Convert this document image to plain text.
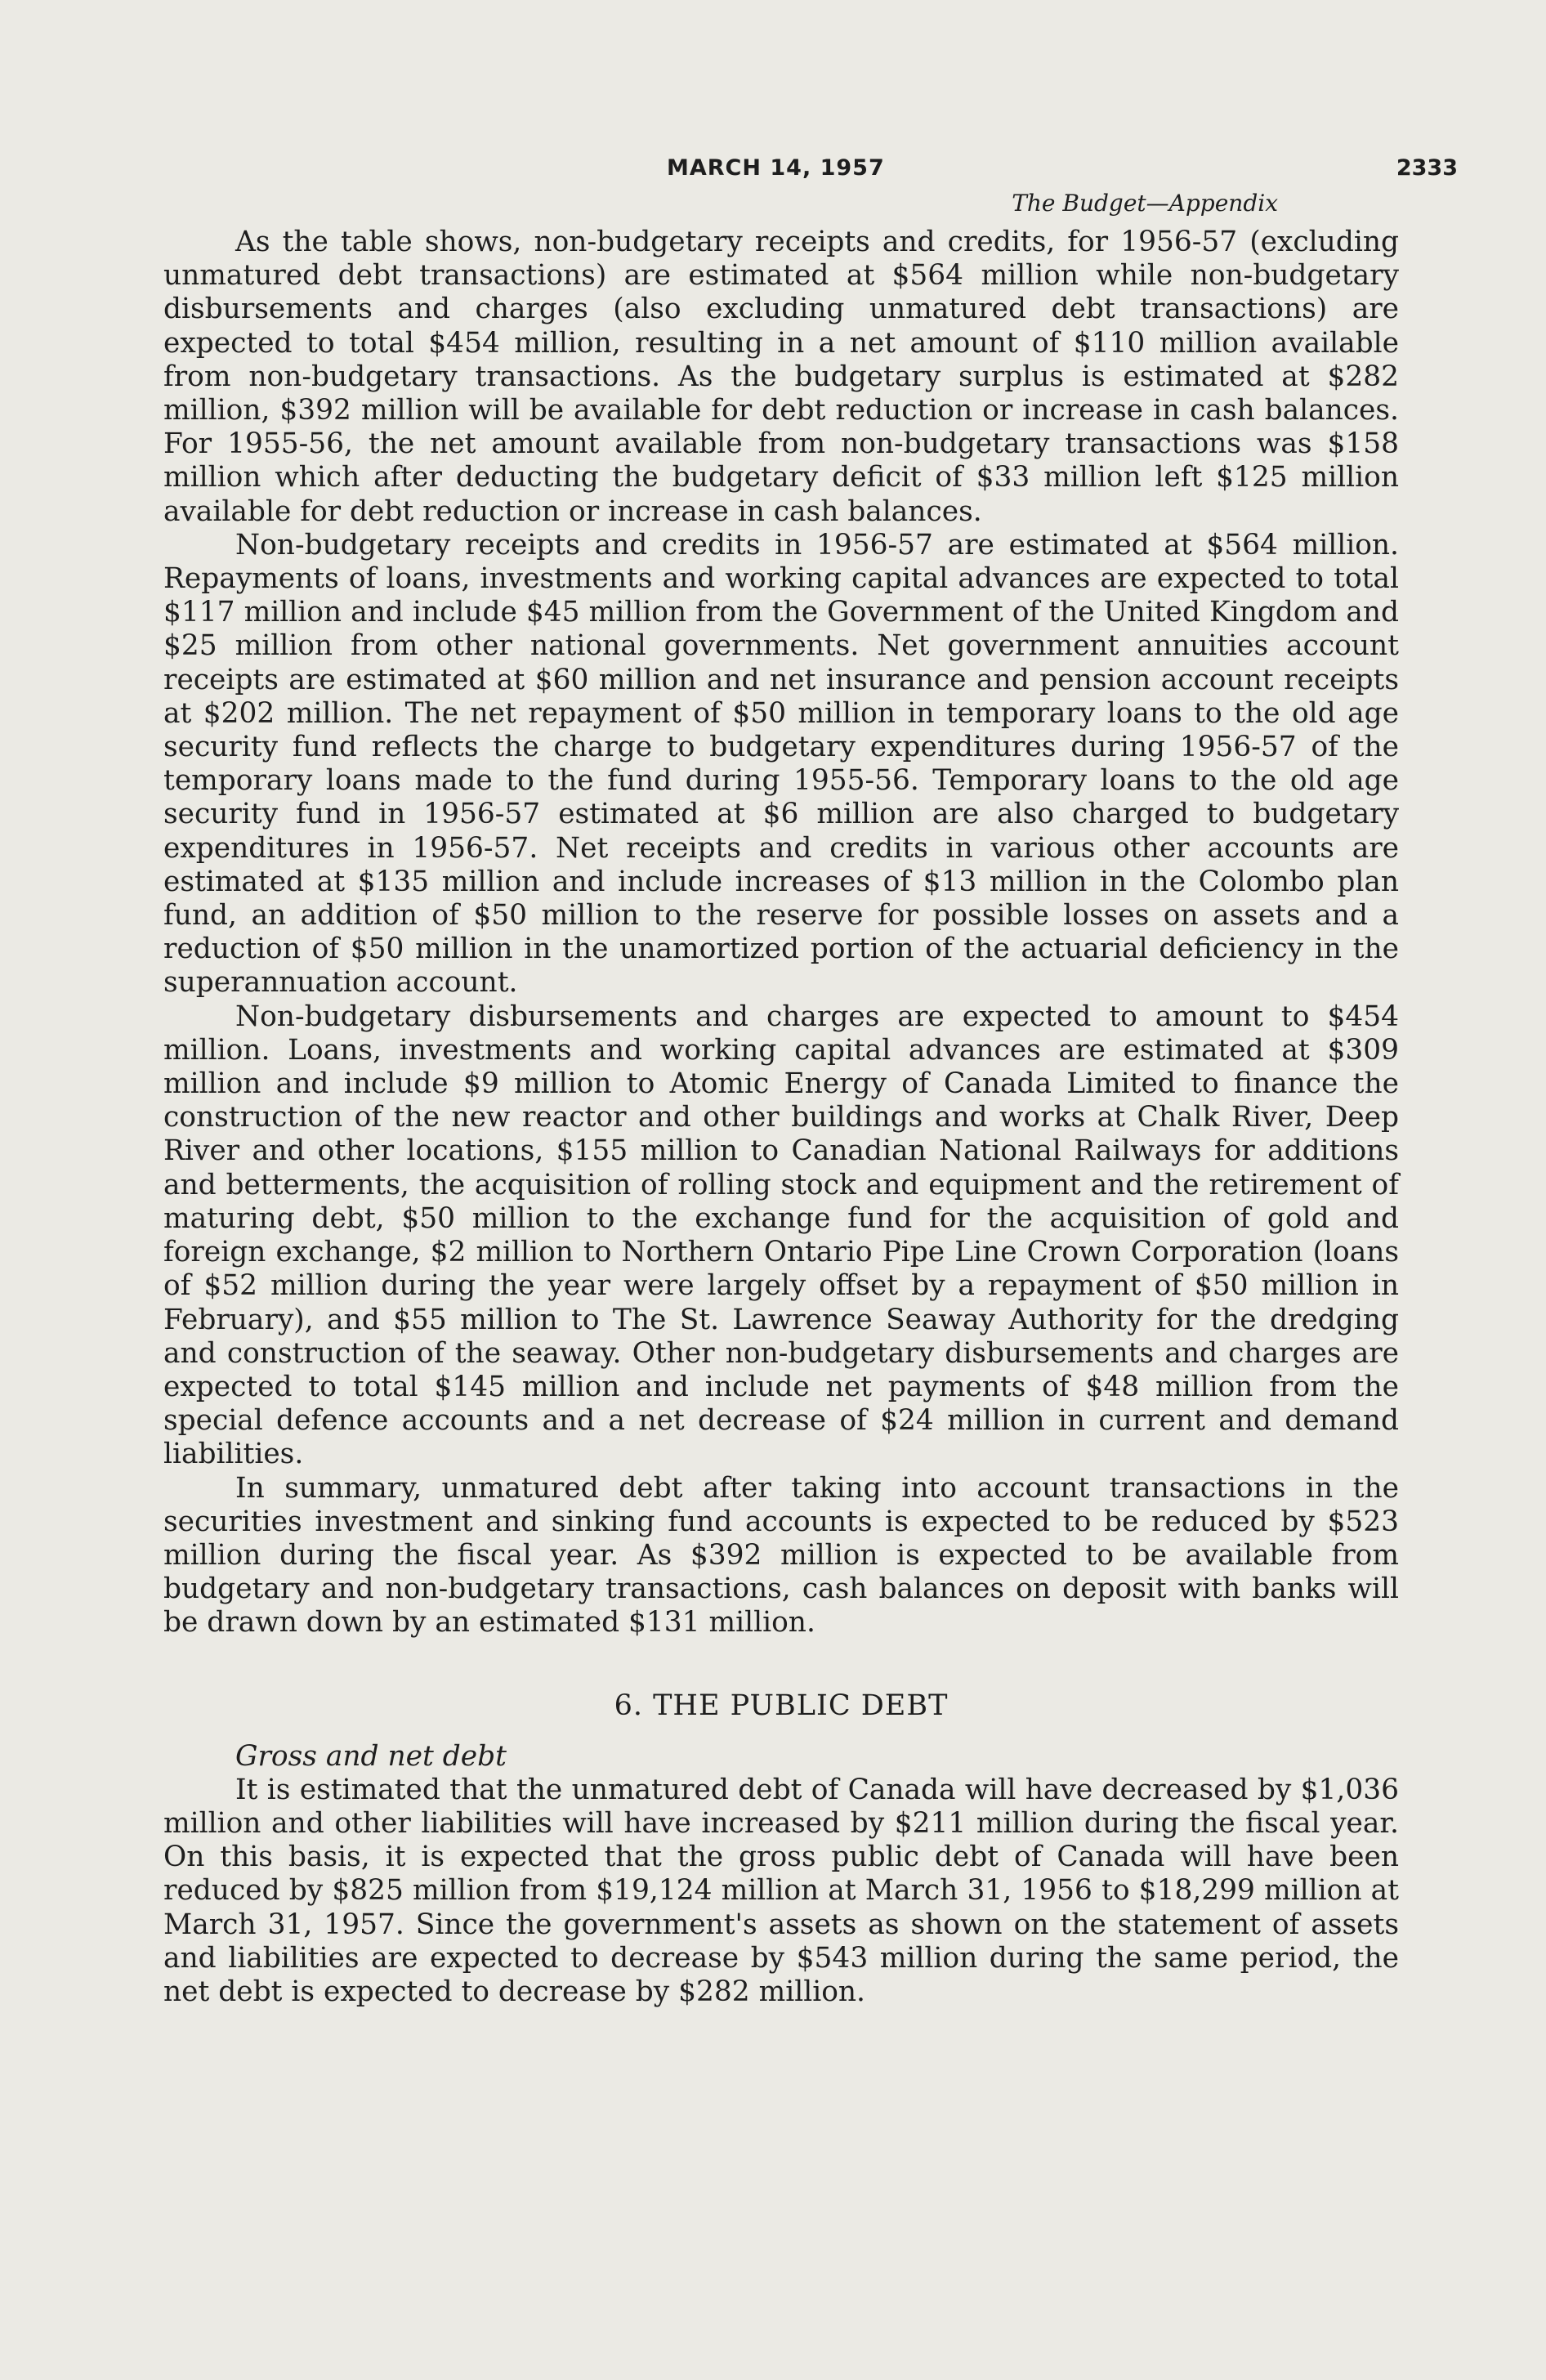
MARCH 14, 1957	2333
The Budget—Appendix

As the table shows, non-budgetary receipts and credits, for 1956-57 (excluding unmatured debt transactions) are estimated at $564 million while non-budgetary disbursements and charges (also excluding unmatured debt transactions) are expected to total $454 million, resulting in a net amount of $110 million available from non-budgetary transactions. As the budgetary surplus is estimated at $282 million, $392 million will be available for debt reduction or increase in cash balances. For 1955-56, the net amount available from non-budgetary transactions was $158 million which after deducting the budgetary deficit of $33 million left $125 million available for debt reduction or increase in cash balances.

Non-budgetary receipts and credits in 1956-57 are estimated at $564 million. Repayments of loans, investments and working capital advances are expected to total $117 million and include $45 million from the Government of the United Kingdom and $25 million from other national governments. Net government annuities account receipts are estimated at $60 million and net insurance and pension account receipts at $202 million. The net repayment of $50 million in temporary loans to the old age security fund reflects the charge to budgetary expenditures during 1956-57 of the temporary loans made to the fund during 1955-56. Temporary loans to the old age security fund in 1956-57 estimated at $6 million are also charged to budgetary expenditures in 1956-57. Net receipts and credits in various other accounts are estimated at $135 million and include increases of $13 million in the Colombo plan fund, an addition of $50 million to the reserve for possible losses on assets and a reduction of $50 million in the unamortized portion of the actuarial deficiency in the superannuation account.

Non-budgetary disbursements and charges are expected to amount to $454 million. Loans, investments and working capital advances are estimated at $309 million and include $9 million to Atomic Energy of Canada Limited to finance the construction of the new reactor and other buildings and works at Chalk River, Deep River and other locations, $155 million to Canadian National Railways for additions and betterments, the acquisition of rolling stock and equipment and the retirement of maturing debt, $50 million to the exchange fund for the acquisition of gold and foreign exchange, $2 million to Northern Ontario Pipe Line Crown Corporation (loans of $52 million during the year were largely offset by a repayment of $50 million in February), and $55 million to The St. Lawrence Seaway Authority for the dredging and construction of the seaway. Other non-budgetary disbursements and charges are expected to total $145 million and include net payments of $48 million from the special defence accounts and a net decrease of $24 million in current and demand liabilities.

In summary, unmatured debt after taking into account transactions in the securities investment and sinking fund accounts is expected to be reduced by $523 million during the fiscal year. As $392 million is expected to be available from budgetary and non-budgetary transactions, cash balances on deposit with banks will be drawn down by an estimated $131 million.

6. THE PUBLIC DEBT

Gross and net debt

It is estimated that the unmatured debt of Canada will have decreased by $1,036 million and other liabilities will have increased by $211 million during the fiscal year. On this basis, it is expected that the gross public debt of Canada will have been reduced by $825 million from $19,124 million at March 31, 1956 to $18,299 million at March 31, 1957. Since the government's assets as shown on the statement of assets and liabilities are expected to decrease by $543 million during the same period, the net debt is expected to decrease by $282 million.
